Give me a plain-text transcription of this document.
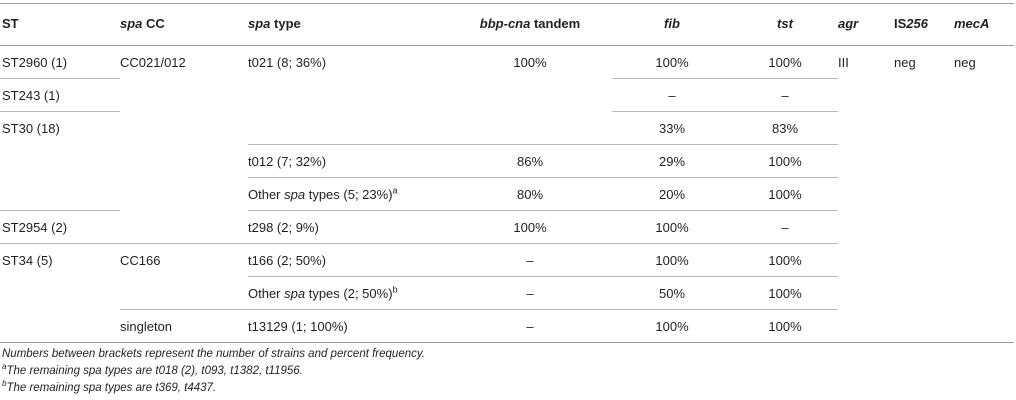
ST	spa CC	spa type	bbp-cna tandem	fib	tst	agr	IS256	mecA
ST2960 (1)	CC021/012	t021 (8; 36%)	100%	100%	100%	III	neg	neg
ST243 (1)				–	–			
ST30 (18)				33%	83%			
		t012 (7; 32%)	86%	29%	100%			
		Other spa types (5; 23%)$^a$	80%	20%	100%			
ST2954 (2)		t298 (2; 9%)	100%	100%	–			
ST34 (5)	CC166	t166 (2; 50%)	–	100%	100%			
		Other spa types (2; 50%)$^b$	–	50%	100%			
	singleton	t13129 (1; 100%)	–	100%	100%			
Numbers between brackets represent the number of strains and percent frequency.
$^a$The remaining spa types are t018 (2), t093, t1382, t11956.
$^b$The remaining spa types are t369, t4437.
